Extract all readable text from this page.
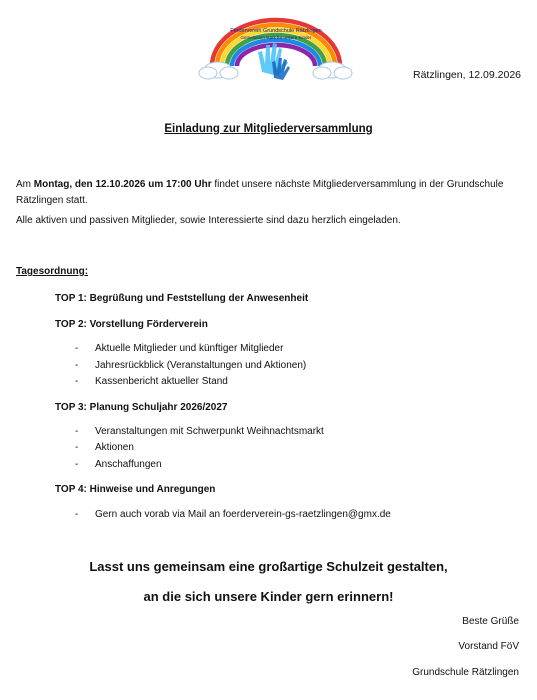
Förderverein Grundschule Rätzlingen
Gemeinsam stark für unsere Kinder
Rätzlingen, 12.09.2026
Einladung zur Mitgliederversammlung
Am Montag, den 12.10.2026 um 17:00 Uhr findet unsere nächste Mitgliederversammlung in der Grundschule Rätzlingen statt.
Alle aktiven und passiven Mitglieder, sowie Interessierte sind dazu herzlich eingeladen.
Tagesordnung:
TOP 1: Begrüßung und Feststellung der Anwesenheit
TOP 2: Vorstellung Förderverein
- Aktuelle Mitglieder und künftiger Mitglieder
- Jahresrückblick (Veranstaltungen und Aktionen)
- Kassenbericht aktueller Stand
TOP 3: Planung Schuljahr 2026/2027
- Veranstaltungen mit Schwerpunkt Weihnachtsmarkt
- Aktionen
- Anschaffungen
TOP 4: Hinweise und Anregungen
- Gern auch vorab via Mail an foerderverein-gs-raetzlingen@gmx.de
Lasst uns gemeinsam eine großartige Schulzeit gestalten,
an die sich unsere Kinder gern erinnern!
Beste Grüße
Vorstand FöV
Grundschule Rätzlingen
